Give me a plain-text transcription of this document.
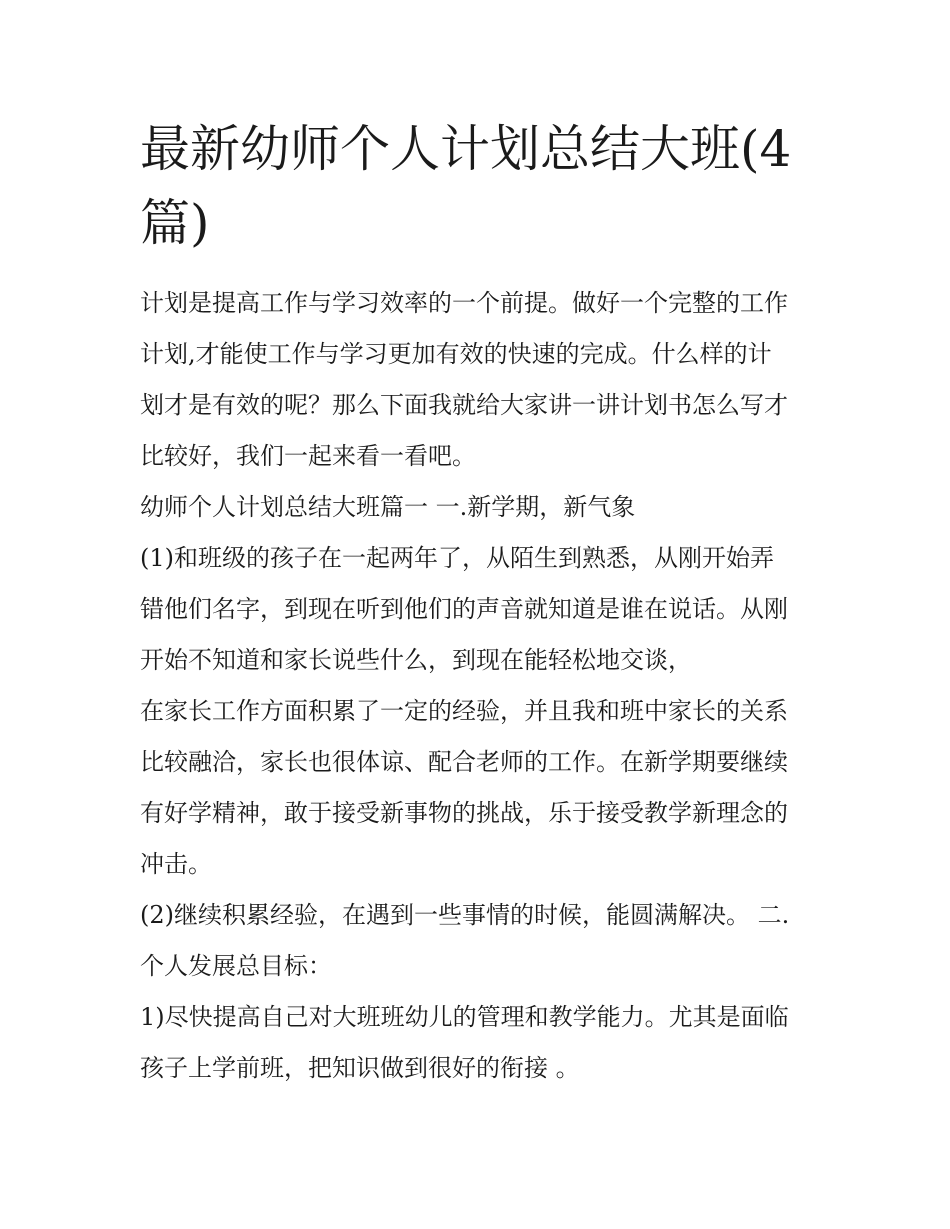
最新幼师个人计划总结大班(4
篇)
计划是提高工作与学习效率的一个前提。做好一个完整的工作
计划,才能使工作与学习更加有效的快速的完成。什么样的计
划才是有效的呢？那么下面我就给大家讲一讲计划书怎么写才
比较好，我们一起来看一看吧。
幼师个人计划总结大班篇一 一.新学期，新气象
(1)和班级的孩子在一起两年了，从陌生到熟悉，从刚开始弄
错他们名字，到现在听到他们的声音就知道是谁在说话。从刚
开始不知道和家长说些什么，到现在能轻松地交谈，
在家长工作方面积累了一定的经验，并且我和班中家长的关系
比较融洽，家长也很体谅、配合老师的工作。在新学期要继续
有好学精神，敢于接受新事物的挑战，乐于接受教学新理念的
冲击。
(2)继续积累经验，在遇到一些事情的时候，能圆满解决。 二.
个人发展总目标：
1)尽快提高自己对大班班幼儿的管理和教学能力。尤其是面临
孩子上学前班，把知识做到很好的衔接 。
